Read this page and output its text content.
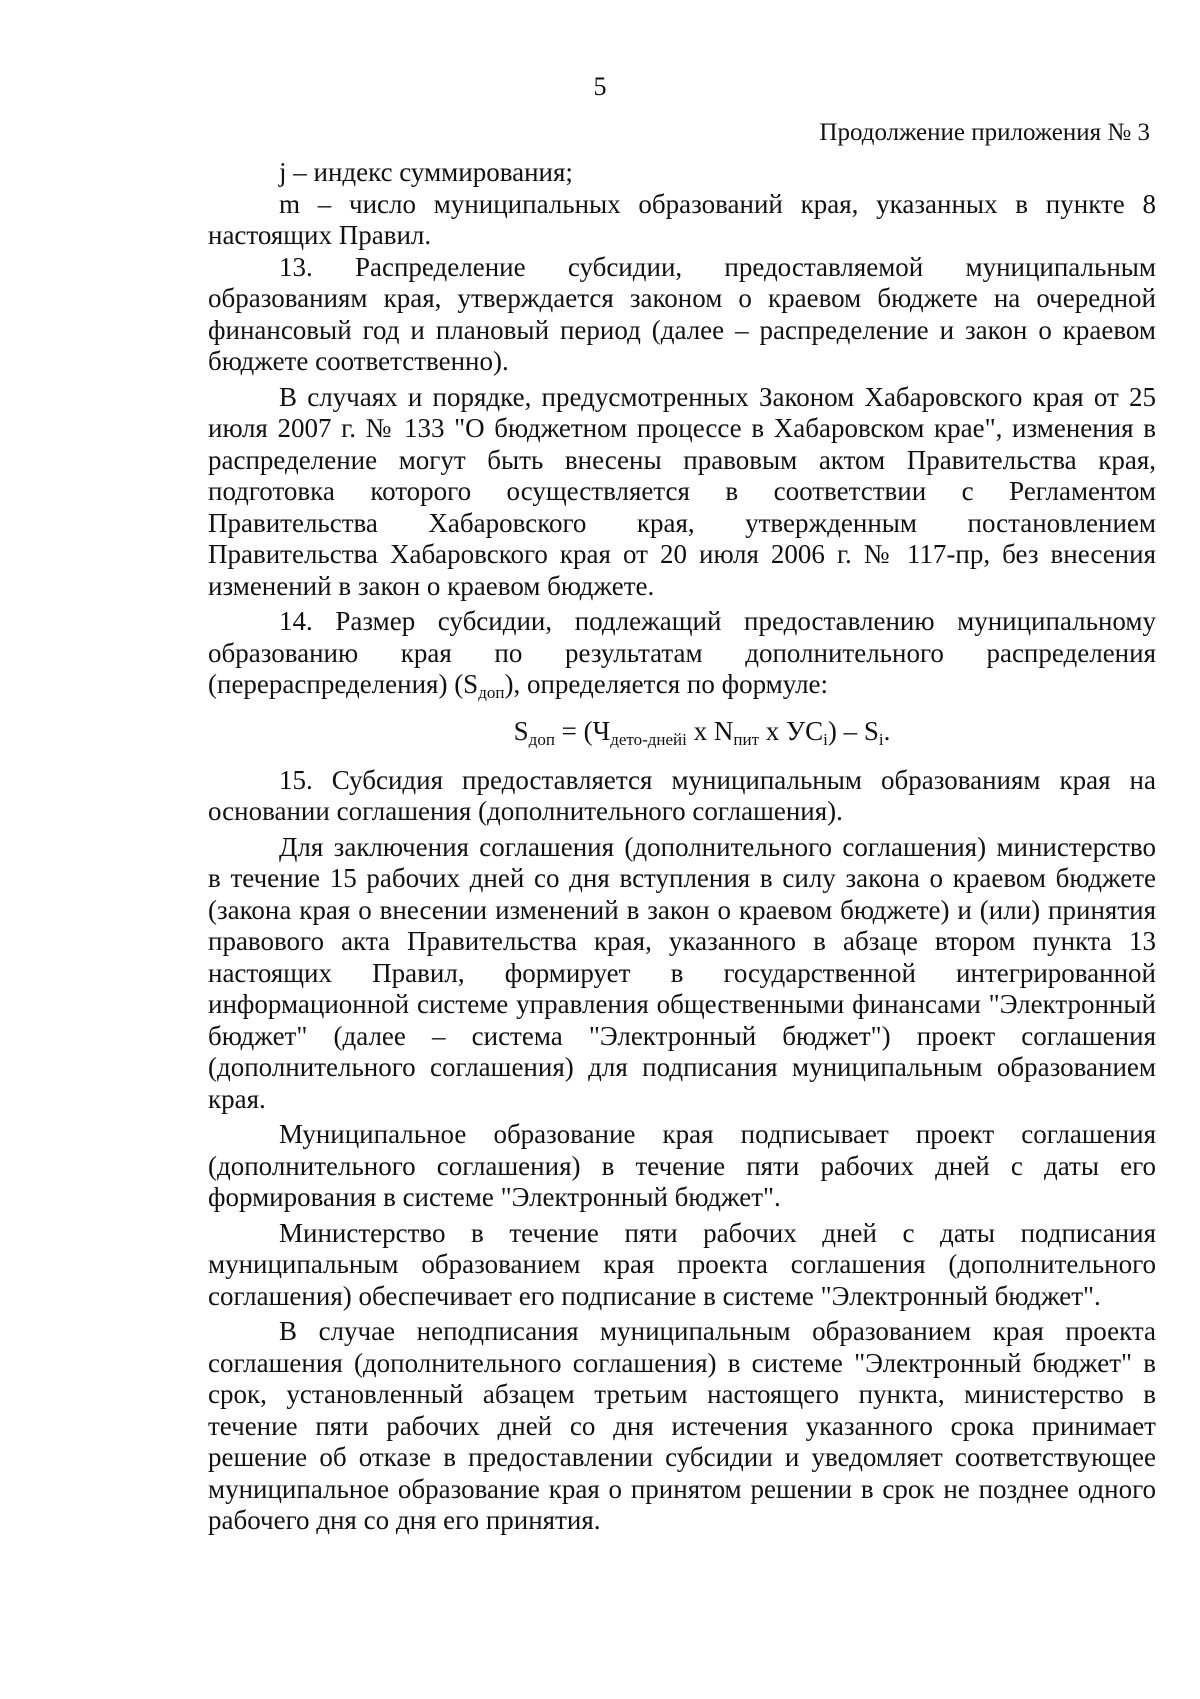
5
Продолжение приложения № 3

j – индекс суммирования;

m – число муниципальных образований края, указанных в пункте 8 настоящих Правил.

13. Распределение субсидии, предоставляемой муниципальным образованиям края, утверждается законом о краевом бюджете на очередной финансовый год и плановый период (далее – распределение и закон о краевом бюджете соответственно).

В случаях и порядке, предусмотренных Законом Хабаровского края от 25 июля 2007 г. № 133 "О бюджетном процессе в Хабаровском крае", изменения в распределение могут быть внесены правовым актом Правительства края, подготовка которого осуществляется в соответствии с Регламентом Правительства Хабаровского края, утвержденным постановлением Правительства Хабаровского края от 20 июля 2006 г. № 117-пр, без внесения изменений в закон о краевом бюджете.

14. Размер субсидии, подлежащий предоставлению муниципальному образованию края по результатам дополнительного распределения (перераспределения) $(S_{доп})$, определяется по формуле:

$S_{доп} = (Ч_{дето-днейi}$ x $N_{пит}$ x $УС_i) - S_i$.

15. Субсидия предоставляется муниципальным образованиям края на основании соглашения (дополнительного соглашения).

Для заключения соглашения (дополнительного соглашения) министерство в течение 15 рабочих дней со дня вступления в силу закона о краевом бюджете (закона края о внесении изменений в закон о краевом бюджете) и (или) принятия правового акта Правительства края, указанного в абзаце втором пункта 13 настоящих Правил, формирует в государственной интегрированной информационной системе управления общественными финансами "Электронный бюджет" (далее – система "Электронный бюджет") проект соглашения (дополнительного соглашения) для подписания муниципальным образованием края.

Муниципальное образование края подписывает проект соглашения (дополнительного соглашения) в течение пяти рабочих дней с даты его формирования в системе "Электронный бюджет".

Министерство в течение пяти рабочих дней с даты подписания муниципальным образованием края проекта соглашения (дополнительного соглашения) обеспечивает его подписание в системе "Электронный бюджет".

В случае неподписания муниципальным образованием края проекта соглашения (дополнительного соглашения) в системе "Электронный бюджет" в срок, установленный абзацем третьим настоящего пункта, министерство в течение пяти рабочих дней со дня истечения указанного срока принимает решение об отказе в предоставлении субсидии и уведомляет соответствующее муниципальное образование края о принятом решении в срок не позднее одного рабочего дня со дня его принятия.
